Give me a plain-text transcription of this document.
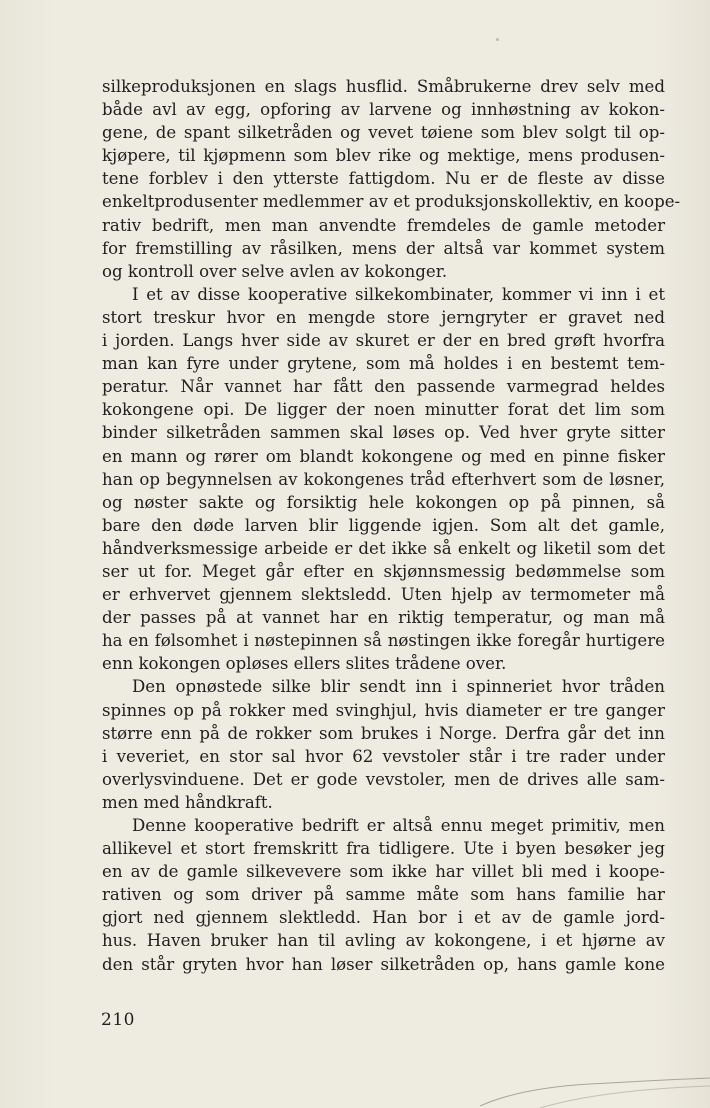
silkeproduksjonen en slags husflid. Småbrukerne drev selv med
både avl av egg, opforing av larvene og innhøstning av kokon-
gene, de spant silketråden og vevet tøiene som blev solgt til op-
kjøpere, til kjøpmenn som blev rike og mektige, mens produsen-
tene forblev i den ytterste fattigdom. Nu er de fleste av disse
enkeltprodusenter medlemmer av et produksjonskollektiv, en koope-
rativ bedrift, men man anvendte fremdeles de gamle metoder
for fremstilling av råsilken, mens der altså var kommet system
og kontroll over selve avlen av kokonger.
I et av disse kooperative silkekombinater, kommer vi inn i et
stort treskur hvor en mengde store jerngryter er gravet ned
i jorden. Langs hver side av skuret er der en bred grøft hvorfra
man kan fyre under grytene, som må holdes i en bestemt tem-
peratur. Når vannet har fått den passende varmegrad heldes
kokongene opi. De ligger der noen minutter forat det lim som
binder silketråden sammen skal løses op. Ved hver gryte sitter
en mann og rører om blandt kokongene og med en pinne fisker
han op begynnelsen av kokongenes tråd efterhvert som de løsner,
og nøster sakte og forsiktig hele kokongen op på pinnen, så
bare den døde larven blir liggende igjen. Som alt det gamle,
håndverksmessige arbeide er det ikke så enkelt og liketil som det
ser ut for. Meget går efter en skjønnsmessig bedømmelse som
er erhvervet gjennem slektsledd. Uten hjelp av termometer må
der passes på at vannet har en riktig temperatur, og man må
ha en følsomhet i nøstepinnen så nøstingen ikke foregår hurtigere
enn kokongen opløses ellers slites trådene over.
Den opnøstede silke blir sendt inn i spinneriet hvor tråden
spinnes op på rokker med svinghjul, hvis diameter er tre ganger
større enn på de rokker som brukes i Norge. Derfra går det inn
i veveriet, en stor sal hvor 62 vevstoler står i tre rader under
overlysvinduene. Det er gode vevstoler, men de drives alle sam-
men med håndkraft.
Denne kooperative bedrift er altså ennu meget primitiv, men
allikevel et stort fremskritt fra tidligere. Ute i byen besøker jeg
en av de gamle silkevevere som ikke har villet bli med i koope-
rativen og som driver på samme måte som hans familie har
gjort ned gjennem slektledd. Han bor i et av de gamle jord-
hus. Haven bruker han til avling av kokongene, i et hjørne av
den står gryten hvor han løser silketråden op, hans gamle kone
210
